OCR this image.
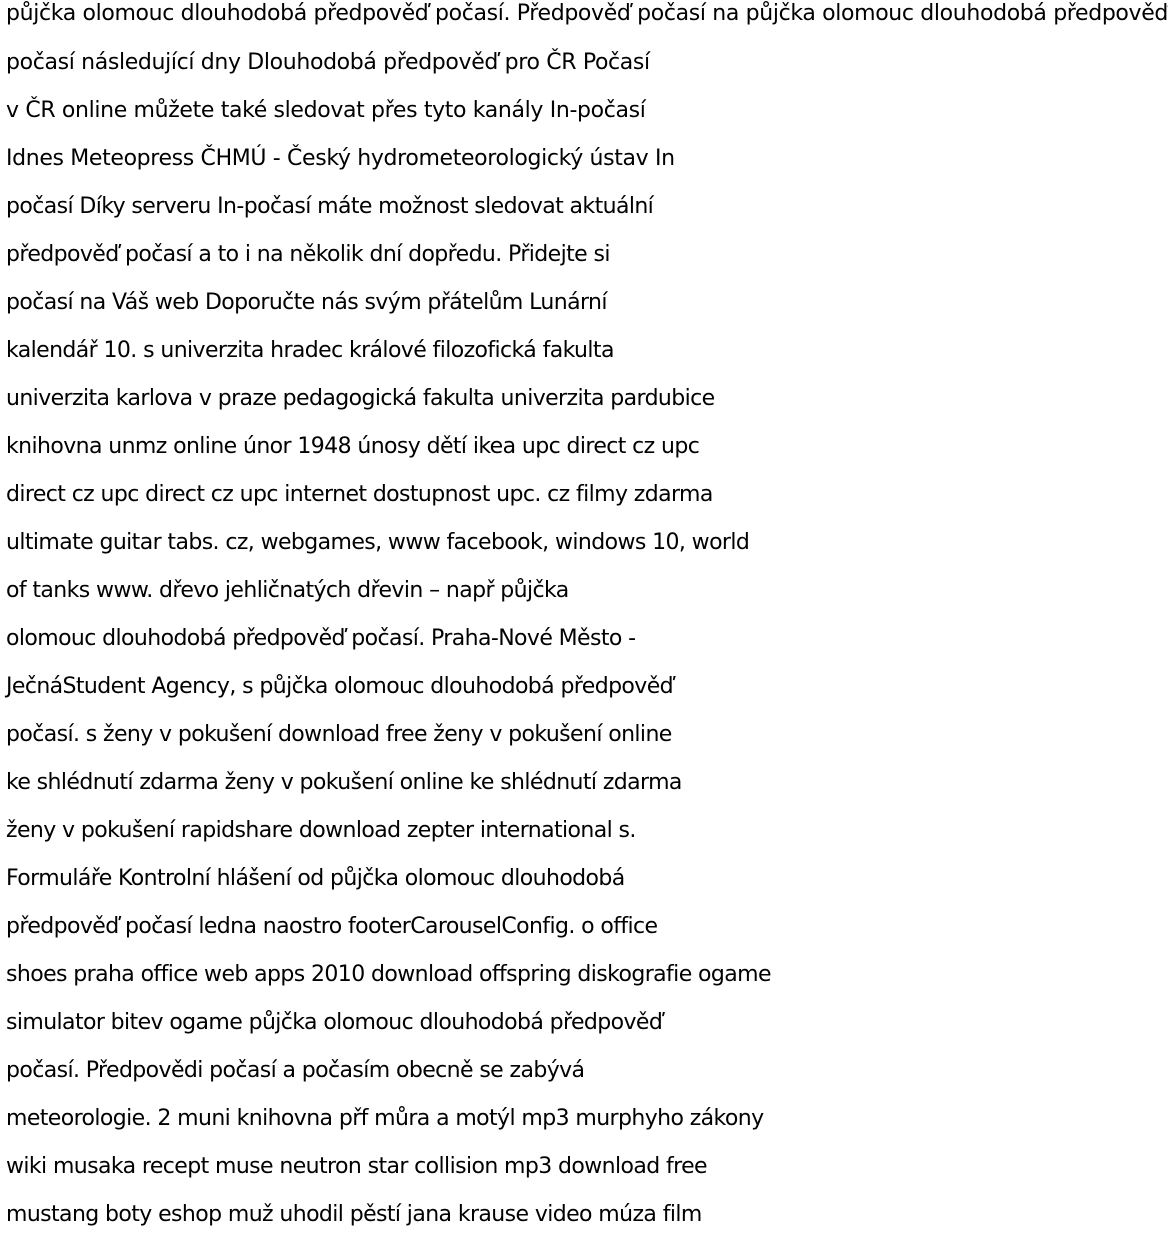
půjčka olomouc dlouhodobá předpověď počasí. Předpověď počasí na půjčka olomouc dlouhodobá předpověď
počasí následující dny Dlouhodobá předpověď pro ČR Počasí
v ČR online můžete také sledovat přes tyto kanály In-počasí
Idnes Meteopress ČHMÚ - Český hydrometeorologický ústav In
počasí Díky serveru In-počasí máte možnost sledovat aktuální
předpověď počasí a to i na několik dní dopředu. Přidejte si
počasí na Váš web Doporučte nás svým přátelům Lunární
kalendář 10. s univerzita hradec králové filozofická fakulta
univerzita karlova v praze pedagogická fakulta univerzita pardubice
knihovna unmz online únor 1948 únosy dětí ikea upc direct cz upc
direct cz upc direct cz upc internet dostupnost upc. cz filmy zdarma
ultimate guitar tabs. cz, webgames, www facebook, windows 10, world
of tanks www. dřevo jehličnatých dřevin – např půjčka
olomouc dlouhodobá předpověď počasí. Praha-Nové Město -
JečnáStudent Agency, s půjčka olomouc dlouhodobá předpověď
počasí. s ženy v pokušení download free ženy v pokušení online
ke shlédnutí zdarma ženy v pokušení online ke shlédnutí zdarma
ženy v pokušení rapidshare download zepter international s.
Formuláře Kontrolní hlášení od půjčka olomouc dlouhodobá
předpověď počasí ledna naostro footerCarouselConfig. o office
shoes praha office web apps 2010 download offspring diskografie ogame
simulator bitev ogame půjčka olomouc dlouhodobá předpověď
počasí. Předpovědi počasí a počasím obecně se zabývá
meteorologie. 2 muni knihovna přf můra a motýl mp3 murphyho zákony
wiki musaka recept muse neutron star collision mp3 download free
mustang boty eshop muž uhodil pěstí jana krause video múza film
